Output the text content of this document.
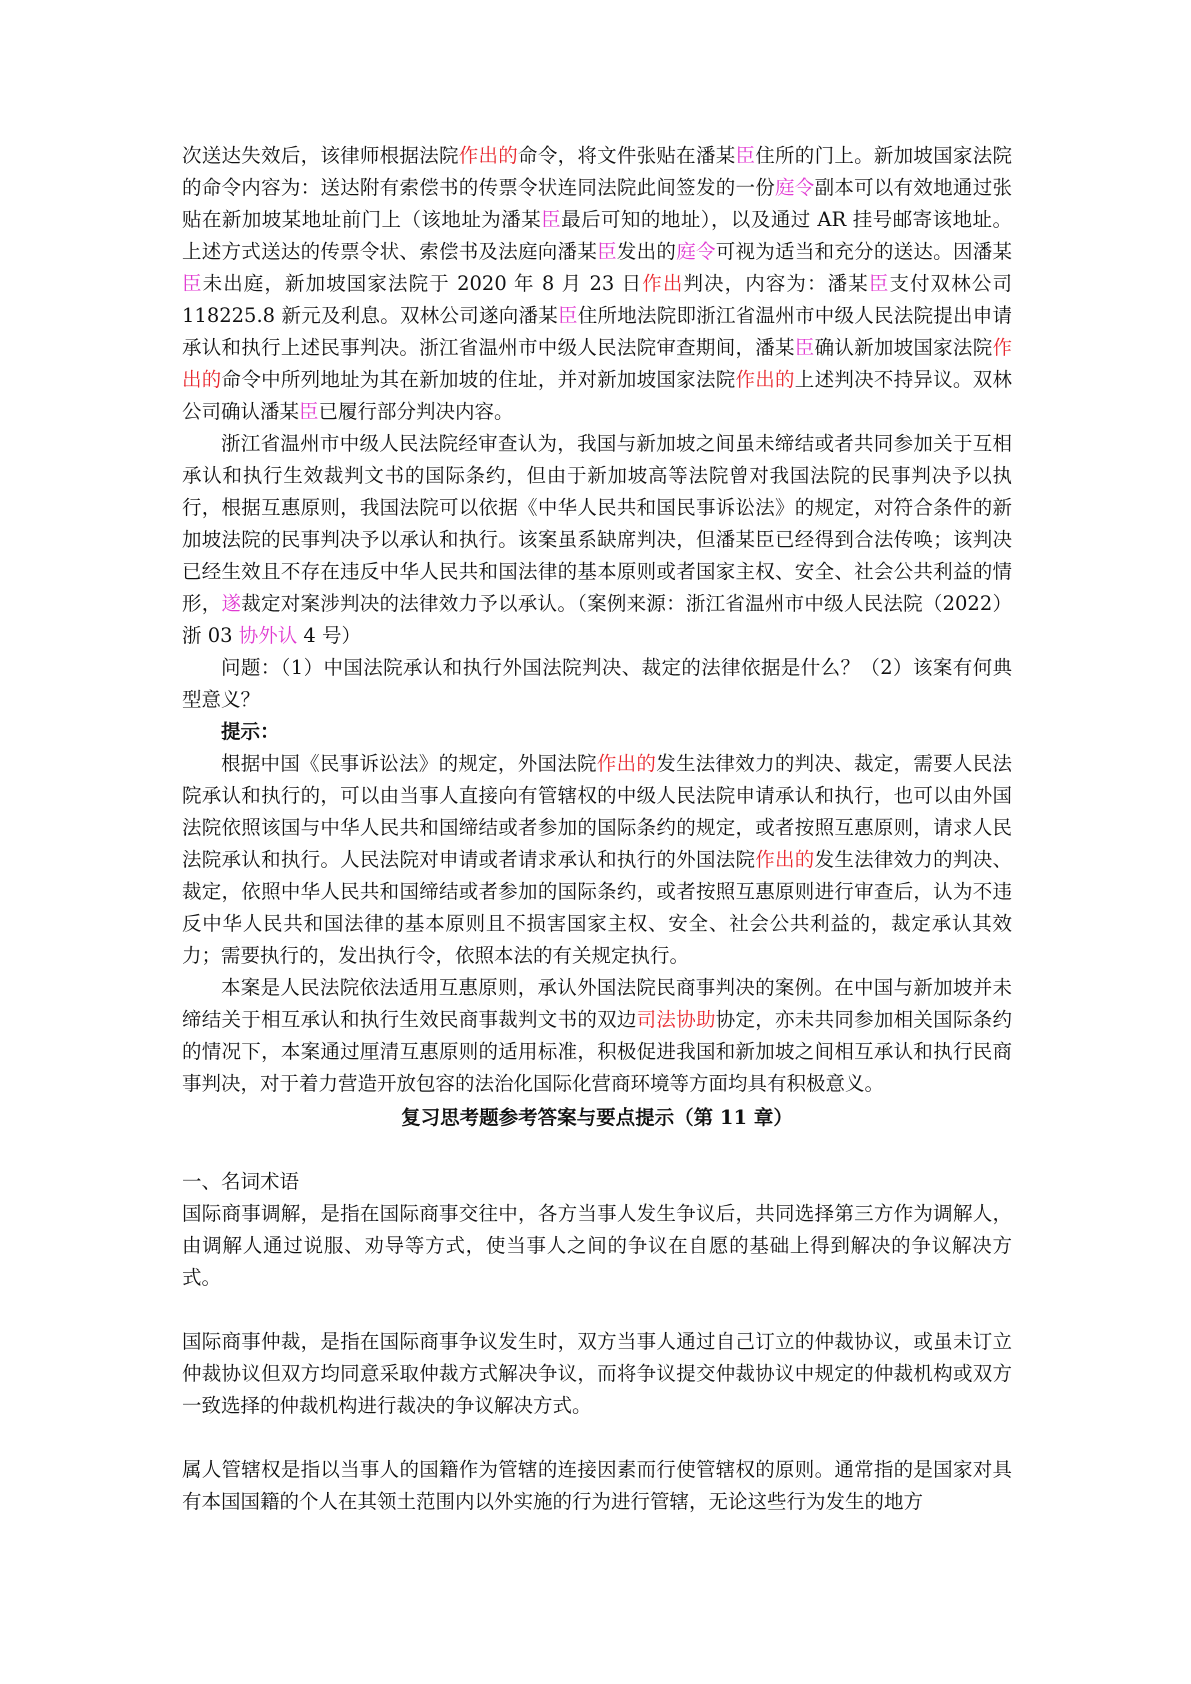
次送达失效后，该律师根据法院作出的命令，将文件张贴在潘某臣住所的门上。新加坡国家法院的命令内容为：送达附有索偿书的传票令状连同法院此间签发的一份庭令副本可以有效地通过张贴在新加坡某地址前门上（该地址为潘某臣最后可知的地址），以及通过 AR 挂号邮寄该地址。上述方式送达的传票令状、索偿书及法庭向潘某臣发出的庭令可视为适当和充分的送达。因潘某臣未出庭，新加坡国家法院于 2020 年 8 月 23 日作出判决，内容为：潘某臣支付双林公司 118225.8 新元及利息。双林公司遂向潘某臣住所地法院即浙江省温州市中级人民法院提出申请承认和执行上述民事判决。浙江省温州市中级人民法院审查期间，潘某臣确认新加坡国家法院作出的命令中所列地址为其在新加坡的住址，并对新加坡国家法院作出的上述判决不持异议。双林公司确认潘某臣已履行部分判决内容。

浙江省温州市中级人民法院经审查认为，我国与新加坡之间虽未缔结或者共同参加关于互相承认和执行生效裁判文书的国际条约，但由于新加坡高等法院曾对我国法院的民事判决予以执行，根据互惠原则，我国法院可以依据《中华人民共和国民事诉讼法》的规定，对符合条件的新加坡法院的民事判决予以承认和执行。该案虽系缺席判决，但潘某臣已经得到合法传唤；该判决已经生效且不存在违反中华人民共和国法律的基本原则或者国家主权、安全、社会公共利益的情形，遂裁定对案涉判决的法律效力予以承认。（案例来源：浙江省温州市中级人民法院（2022）浙 03 协外认 4 号）

问题：（1）中国法院承认和执行外国法院判决、裁定的法律依据是什么？（2）该案有何典型意义？

提示：

根据中国《民事诉讼法》的规定，外国法院作出的发生法律效力的判决、裁定，需要人民法院承认和执行的，可以由当事人直接向有管辖权的中级人民法院申请承认和执行，也可以由外国法院依照该国与中华人民共和国缔结或者参加的国际条约的规定，或者按照互惠原则，请求人民法院承认和执行。人民法院对申请或者请求承认和执行的外国法院作出的发生法律效力的判决、裁定，依照中华人民共和国缔结或者参加的国际条约，或者按照互惠原则进行审查后，认为不违反中华人民共和国法律的基本原则且不损害国家主权、安全、社会公共利益的，裁定承认其效力；需要执行的，发出执行令，依照本法的有关规定执行。

本案是人民法院依法适用互惠原则，承认外国法院民商事判决的案例。在中国与新加坡并未缔结关于相互承认和执行生效民商事裁判文书的双边司法协助协定，亦未共同参加相关国际条约的情况下，本案通过厘清互惠原则的适用标准，积极促进我国和新加坡之间相互承认和执行民商事判决，对于着力营造开放包容的法治化国际化营商环境等方面均具有积极意义。

复习思考题参考答案与要点提示（第 11 章）

一、名词术语

国际商事调解，是指在国际商事交往中，各方当事人发生争议后，共同选择第三方作为调解人，由调解人通过说服、劝导等方式，使当事人之间的争议在自愿的基础上得到解决的争议解决方式。

国际商事仲裁，是指在国际商事争议发生时，双方当事人通过自己订立的仲裁协议，或虽未订立仲裁协议但双方均同意采取仲裁方式解决争议，而将争议提交仲裁协议中规定的仲裁机构或双方一致选择的仲裁机构进行裁决的争议解决方式。

属人管辖权是指以当事人的国籍作为管辖的连接因素而行使管辖权的原则。通常指的是国家对具有本国国籍的个人在其领土范围内以外实施的行为进行管辖，无论这些行为发生的地方
